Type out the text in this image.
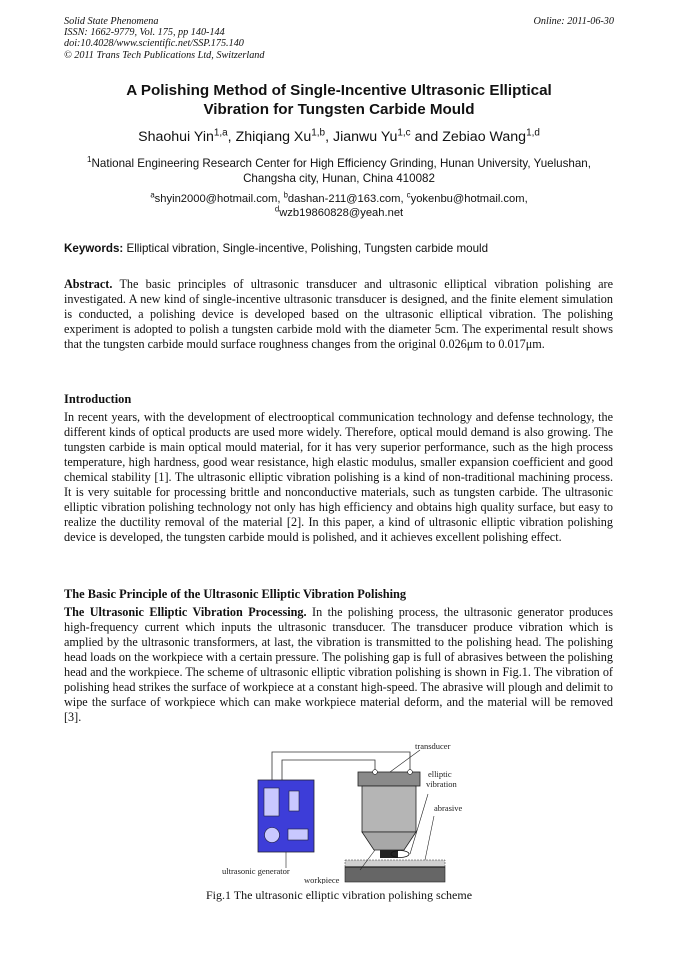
Solid State Phenomena
ISSN: 1662-9779, Vol. 175, pp 140-144
doi:10.4028/www.scientific.net/SSP.175.140
© 2011 Trans Tech Publications Ltd, Switzerland
Online: 2011-06-30
A Polishing Method of Single-Incentive Ultrasonic Elliptical
Vibration for Tungsten Carbide Mould
Shaohui Yin$^{1,a}$, Zhiqiang Xu$^{1,b}$, Jianwu Yu$^{1,c}$ and Zebiao Wang$^{1,d}$
$^1$National Engineering Research Center for High Efficiency Grinding, Hunan University, Yuelushan,
Changsha city, Hunan, China 410082
$^a$shyin2000@hotmail.com, $^b$dashan-211@163.com, $^c$yokenbu@hotmail.com,
$^d$wzb19860828@yeah.net
Keywords: Elliptical vibration, Single-incentive, Polishing, Tungsten carbide mould
Abstract. The basic principles of ultrasonic transducer and ultrasonic elliptical vibration polishing are investigated. A new kind of single-incentive ultrasonic transducer is designed, and the finite element simulation is conducted, a polishing device is developed based on the ultrasonic elliptical vibration. The polishing experiment is adopted to polish a tungsten carbide mold with the diameter 5cm. The experimental result shows that the tungsten carbide mould surface roughness changes from the original 0.026μm to 0.017μm.
Introduction
In recent years, with the development of electrooptical communication technology and defense technology, the different kinds of optical products are used more widely. Therefore, optical mould demand is also growing. The tungsten carbide is main optical mould material, for it has very superior performance, such as the high process temperature, high hardness, good wear resistance, high elastic modulus, smaller expansion coefficient and good chemical stability [1]. The ultrasonic elliptic vibration polishing is a kind of non-traditional machining process. It is very suitable for processing brittle and nonconductive materials, such as tungsten carbide. The ultrasonic elliptic vibration polishing technology not only has high efficiency and obtains high quality surface, but easy to realize the ductility removal of the material [2]. In this paper, a kind of ultrasonic elliptic vibration polishing device is developed, the tungsten carbide mould is polished, and it achieves excellent polishing effect.
The Basic Principle of the Ultrasonic Elliptic Vibration Polishing
The Ultrasonic Elliptic Vibration Processing. In the polishing process, the ultrasonic generator produces high-frequency current which inputs the ultrasonic transducer. The transducer produce vibration which is amplied by the ultrasonic transformers, at last, the vibration is transmitted to the polishing head. The polishing head loads on the workpiece with a certain pressure. The polishing gap is full of abrasives between the polishing head and the workpiece. The scheme of ultrasonic elliptic vibration polishing is shown in Fig.1. The vibration of polishing head strikes the surface of workpiece at a constant high-speed. The abrasive will plough and delimit to wipe the surface of workpiece which can make workpiece material deform, and the material will be removed [3].
transducer
elliptic
vibration
abrasive
ultrasonic generator
workpiece
Fig.1 The ultrasonic elliptic vibration polishing scheme
